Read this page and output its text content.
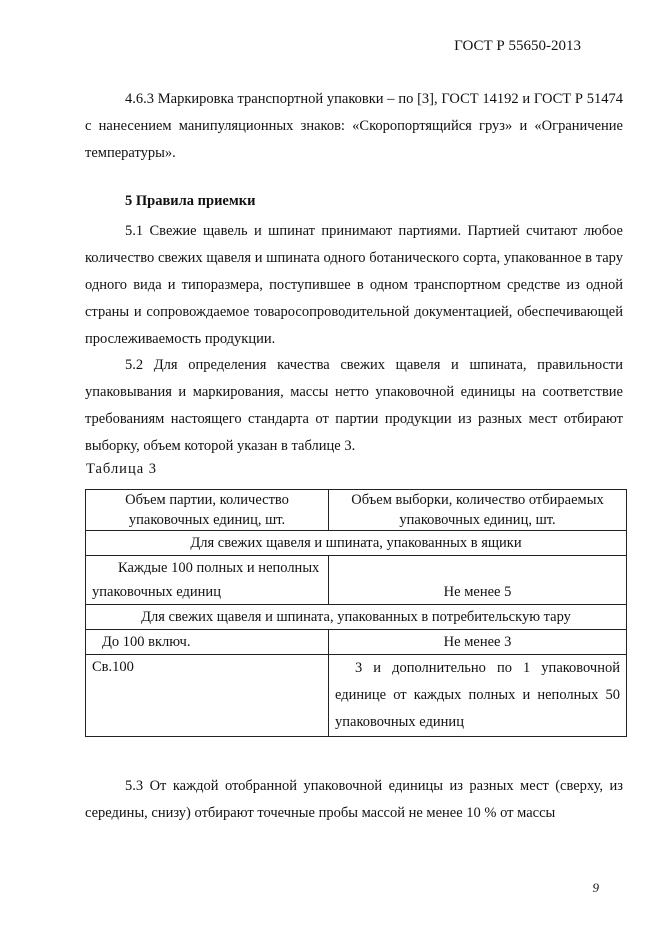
ГОСТ Р 55650-2013
4.6.3 Маркировка транспортной упаковки – по [3], ГОСТ 14192 и ГОСТ Р 51474 с нанесением манипуляционных знаков: «Скоропортящийся груз» и «Ограничение температуры».
5 Правила приемки
5.1 Свежие щавель и шпинат принимают партиями. Партией считают любое количество свежих щавеля и шпината одного ботанического сорта, упакованное в тару одного вида и типоразмера, поступившее в одном транспортном средстве из одной страны и сопровождаемое товаросопроводительной документацией, обеспечивающей прослеживаемость продукции.
5.2 Для определения качества свежих щавеля и шпината, правильности упаковывания и маркирования, массы нетто упаковочной единицы на соответствие требованиям настоящего стандарта от партии продукции из разных мест отбирают выборку, объем которой указан в таблице 3.
Таблица 3
Объем партии, количество упаковочных единиц, шт.	Объем выборки, количество отбираемых упаковочных единиц, шт.
Для свежих щавеля и шпината, упакованных в ящики	

Каждые 100 полных и неполных упаковочных единиц	Не менее 5
Для свежих щавеля и шпината, упакованных в потребительскую тару	
До 100 включ.	Не менее 3
Св.100	3 и дополнительно по 1 упаковочной единице от каждых полных и неполных 50 упаковочных единиц
5.3 От каждой отобранной упаковочной единицы из разных мест (сверху, из середины, снизу) отбирают точечные пробы массой не менее 10 % от массы
9
